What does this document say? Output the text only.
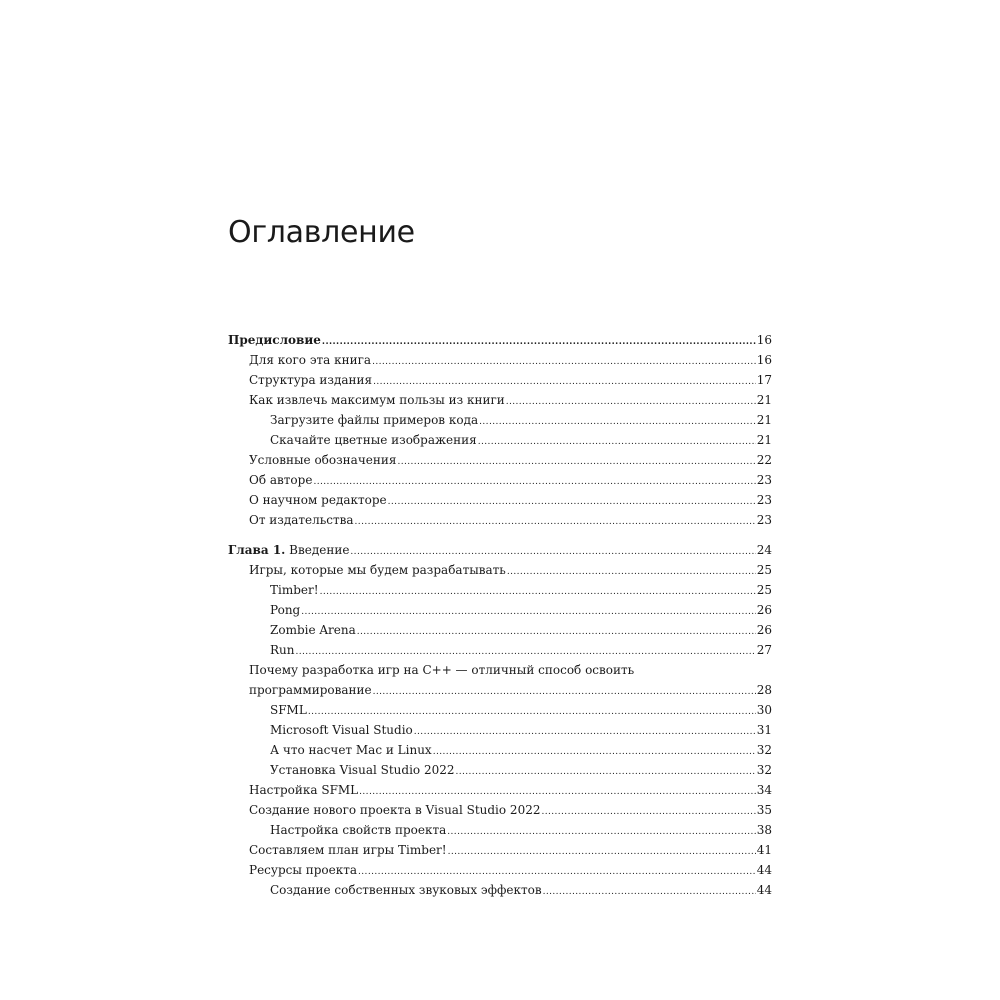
Оглавление
Предисловие .....	16
Для кого эта книга .....	16
Структура издания .....	17
Как извлечь максимум пользы из книги .....	21
Загрузите файлы примеров кода .....	21
Скачайте цветные изображения .....	21
Условные обозначения .....	22
Об авторе .....	23
О научном редакторе .....	23
От издательства .....	23
Глава 1. Введение .....	24
Игры, которые мы будем разрабатывать .....	25
Timber! .....	25
Pong .....	26
Zombie Arena .....	26
Run .....	27
Почему разработка игр на C++ — отличный способ освоить
программирование .....	28
SFML .....	30
Microsoft Visual Studio .....	31
А что насчет Mac и Linux .....	32
Установка Visual Studio 2022 .....	32
Настройка SFML .....	34
Создание нового проекта в Visual Studio 2022 .....	35
Настройка свойств проекта .....	38
Составляем план игры Timber! .....	41
Ресурсы проекта .....	44
Создание собственных звуковых эффектов .....	44
